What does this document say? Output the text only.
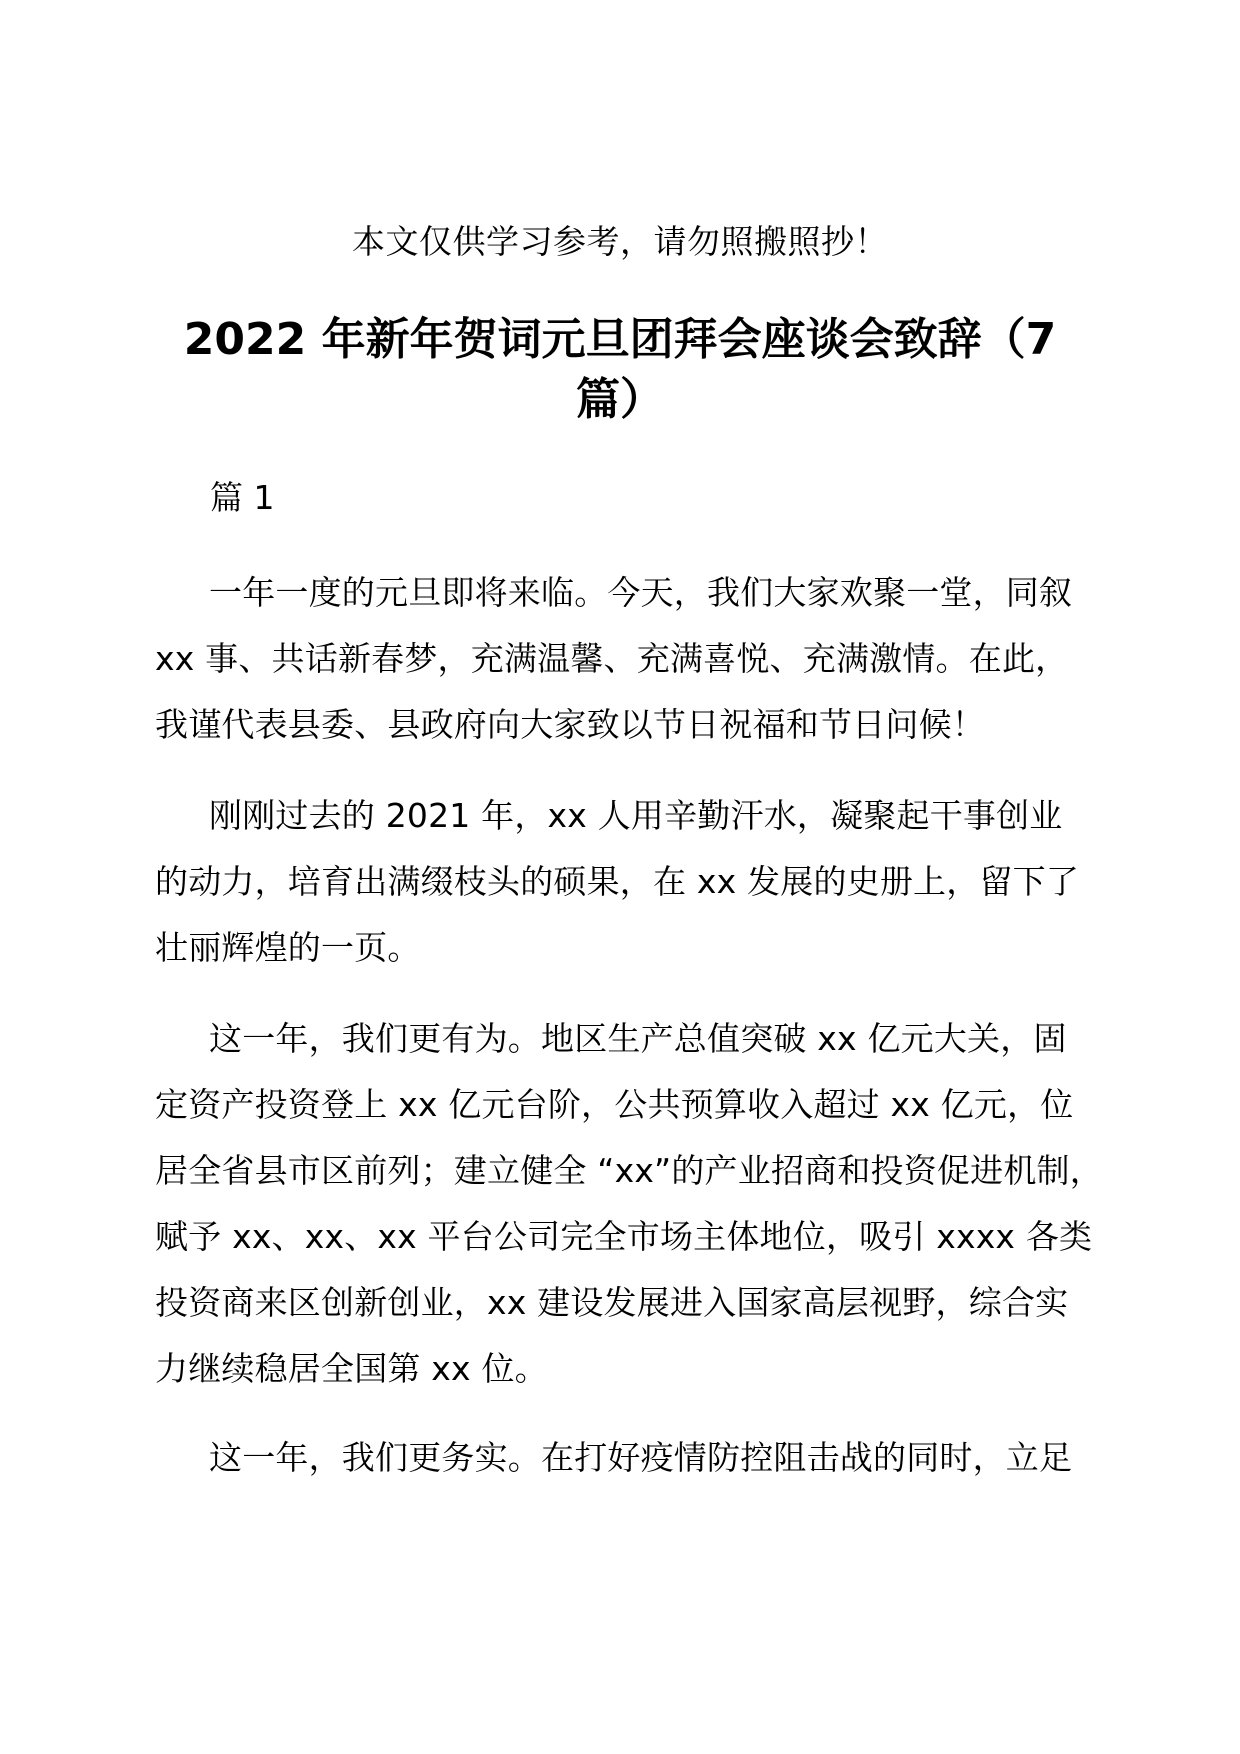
本文仅供学习参考，请勿照搬照抄！
2022 年新年贺词元旦团拜会座谈会致辞（7 篇）
篇 1
一年一度的元旦即将来临。今天，我们大家欢聚一堂，同叙
xx 事、共话新春梦，充满温馨、充满喜悦、充满激情。在此，
我谨代表县委、县政府向大家致以节日祝福和节日问候！
刚刚过去的 2021 年，xx 人用辛勤汗水，凝聚起干事创业
的动力，培育出满缀枝头的硕果，在 xx 发展的史册上，留下了
壮丽辉煌的一页。
这一年，我们更有为。地区生产总值突破 xx 亿元大关，固
定资产投资登上 xx 亿元台阶，公共预算收入超过 xx 亿元，位
居全省县市区前列；建立健全 “xx”的产业招商和投资促进机制，
赋予 xx、xx、xx 平台公司完全市场主体地位，吸引 xxxx 各类
投资商来区创新创业，xx 建设发展进入国家高层视野，综合实
力继续稳居全国第 xx 位。
这一年，我们更务实。在打好疫情防控阻击战的同时，立足
